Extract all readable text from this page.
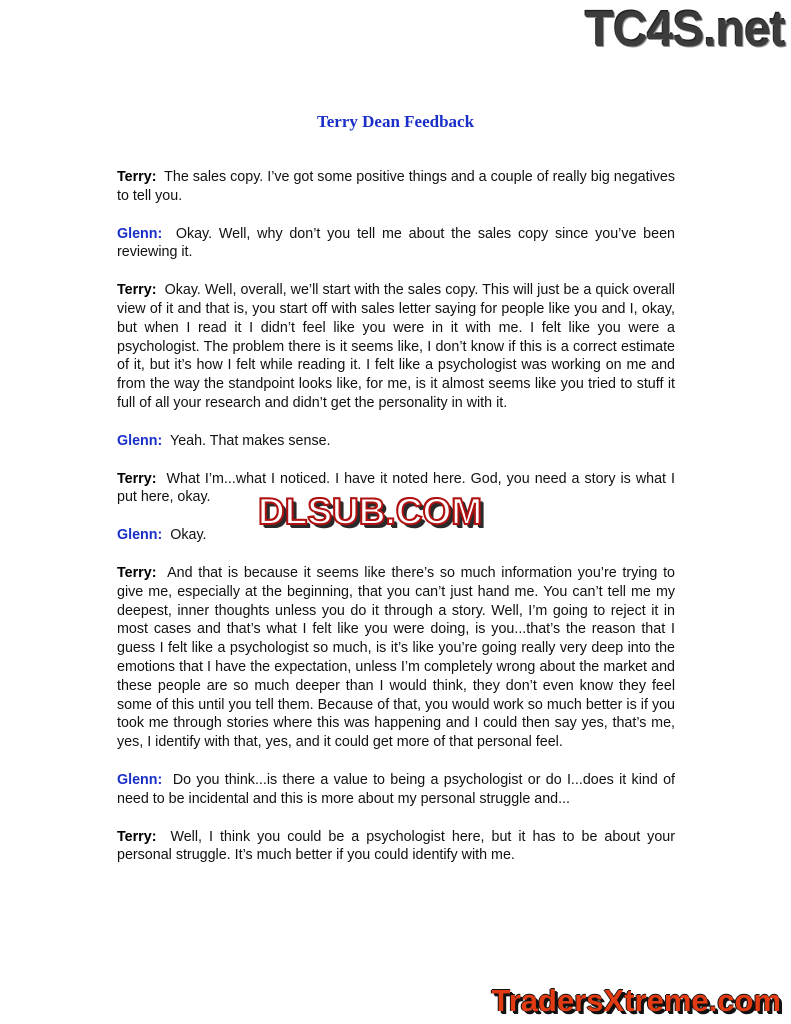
TC4S.net
Terry Dean Feedback

Terry: The sales copy. I’ve got some positive things and a couple of really big negatives to tell you.

Glenn: Okay. Well, why don’t you tell me about the sales copy since you’ve been reviewing it.

Terry: Okay. Well, overall, we’ll start with the sales copy. This will just be a quick overall view of it and that is, you start off with sales letter saying for people like you and I, okay, but when I read it I didn’t feel like you were in it with me. I felt like you were a psychologist. The problem there is it seems like, I don’t know if this is a correct estimate of it, but it’s how I felt while reading it. I felt like a psychologist was working on me and from the way the standpoint looks like, for me, is it almost seems like you tried to stuff it full of all your research and didn’t get the personality in with it.

Glenn: Yeah. That makes sense.

Terry: What I’m...what I noticed. I have it noted here. God, you need a story is what I put here, okay.

Glenn: Okay.

Terry: And that is because it seems like there’s so much information you’re trying to give me, especially at the beginning, that you can’t just hand me. You can’t tell me my deepest, inner thoughts unless you do it through a story. Well, I’m going to reject it in most cases and that’s what I felt like you were doing, is you...that’s the reason that I guess I felt like a psychologist so much, is it’s like you’re going really very deep into the emotions that I have the expectation, unless I’m completely wrong about the market and these people are so much deeper than I would think, they don’t even know they feel some of this until you tell them. Because of that, you would work so much better is if you took me through stories where this was happening and I could then say yes, that’s me, yes, I identify with that, yes, and it could get more of that personal feel.

Glenn: Do you think...is there a value to being a psychologist or do I...does it kind of need to be incidental and this is more about my personal struggle and...

Terry: Well, I think you could be a psychologist here, but it has to be about your personal struggle. It’s much better if you could identify with me.

DLSUB.COM
TradersXtreme.com
